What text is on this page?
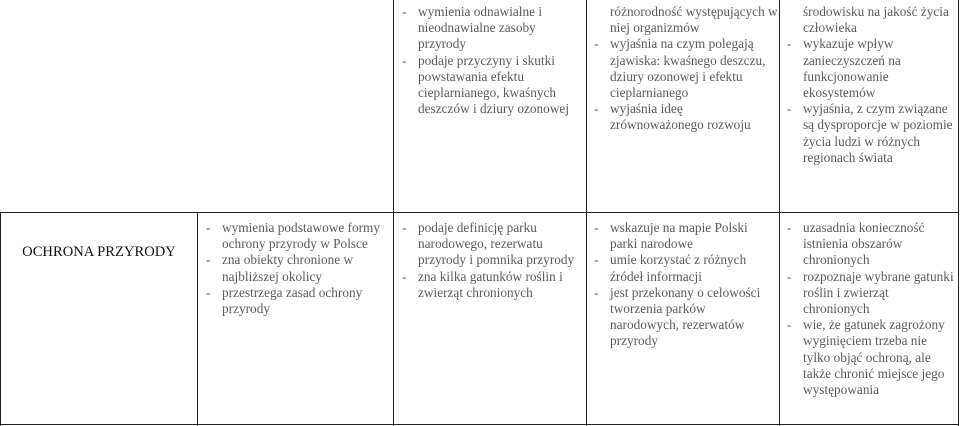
- wymienia odnawialne i nieodnawialne zasoby przyrody
- podaje przyczyny i skutki powstawania efektu cieplarnianego, kwaśnych deszczów i dziury ozonowej
różnorodność występujących w niej organizmów
- wyjaśnia na czym polegają zjawiska: kwaśnego deszczu, dziury ozonowej i efektu cieplarnianego
- wyjaśnia ideę zrównoważonego rozwoju
środowisku na jakość życia człowieka
- wykazuje wpływ zanieczyszczeń na funkcjonowanie ekosystemów
- wyjaśnia, z czym związane są dysproporcje w poziomie życia ludzi w różnych regionach świata
OCHRONA PRZYRODY
- wymienia podstawowe formy ochrony przyrody w Polsce
- zna obiekty chronione w najbliższej okolicy
- przestrzega zasad ochrony przyrody
- podaje definicję parku narodowego, rezerwatu przyrody i pomnika przyrody
- zna kilka gatunków roślin i zwierząt chronionych
- wskazuje na mapie Polski parki narodowe
- umie korzystać z różnych źródeł informacji
- jest przekonany o celowości tworzenia parków narodowych, rezerwatów przyrody
- uzasadnia konieczność istnienia obszarów chronionych
- rozpoznaje wybrane gatunki roślin i zwierząt chronionych
- wie, że gatunek zagrożony wyginięciem trzeba nie tylko objąć ochroną, ale także chronić miejsce jego występowania
